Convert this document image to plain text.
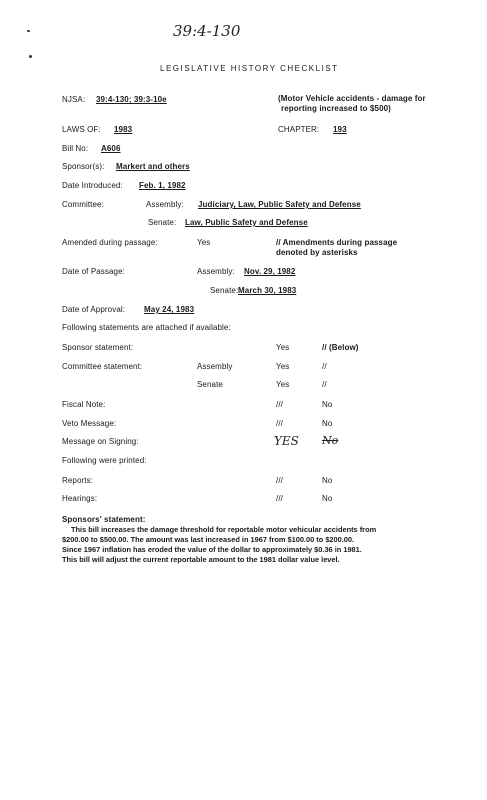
39:4-130
LEGISLATIVE HISTORY CHECKLIST
NJSA: 39:4-130; 39:3-10e	(Motor Vehicle accidents - damage for
reporting increased to $500)
LAWS OF: 1983	CHAPTER: 193
Bill No: A606
Sponsor(s): Markert and others
Date Introduced: Feb. 1, 1982
Committee:	Assembly: Judiciary, Law, Public Safety and Defense
Senate: Law, Public Safety and Defense
Amended during passage:	Yes	// Amendments during passage
denoted by asterisks
Date of Passage:	Assembly: Nov. 29, 1982
Senate: March 30, 1983
Date of Approval: May 24, 1983
Following statements are attached if available:
Sponsor statement:	Yes	// (Below)
Committee statement:	Assembly	Yes	//
Senate	Yes	//
Fiscal Note:	///	No
Veto Message:	///	No
Message on Signing:	YES No
Following were printed:
Reports:	///	No
Hearings:	///	No
Sponsors' statement:
This bill increases the damage threshold for reportable motor vehicular accidents from
$200.00 to $500.00. The amount was last increased in 1967 from $100.00 to $200.00.
Since 1967 inflation has eroded the value of the dollar to approximately $0.36 in 1981.
This bill will adjust the current reportable amount to the 1981 dollar value level.
